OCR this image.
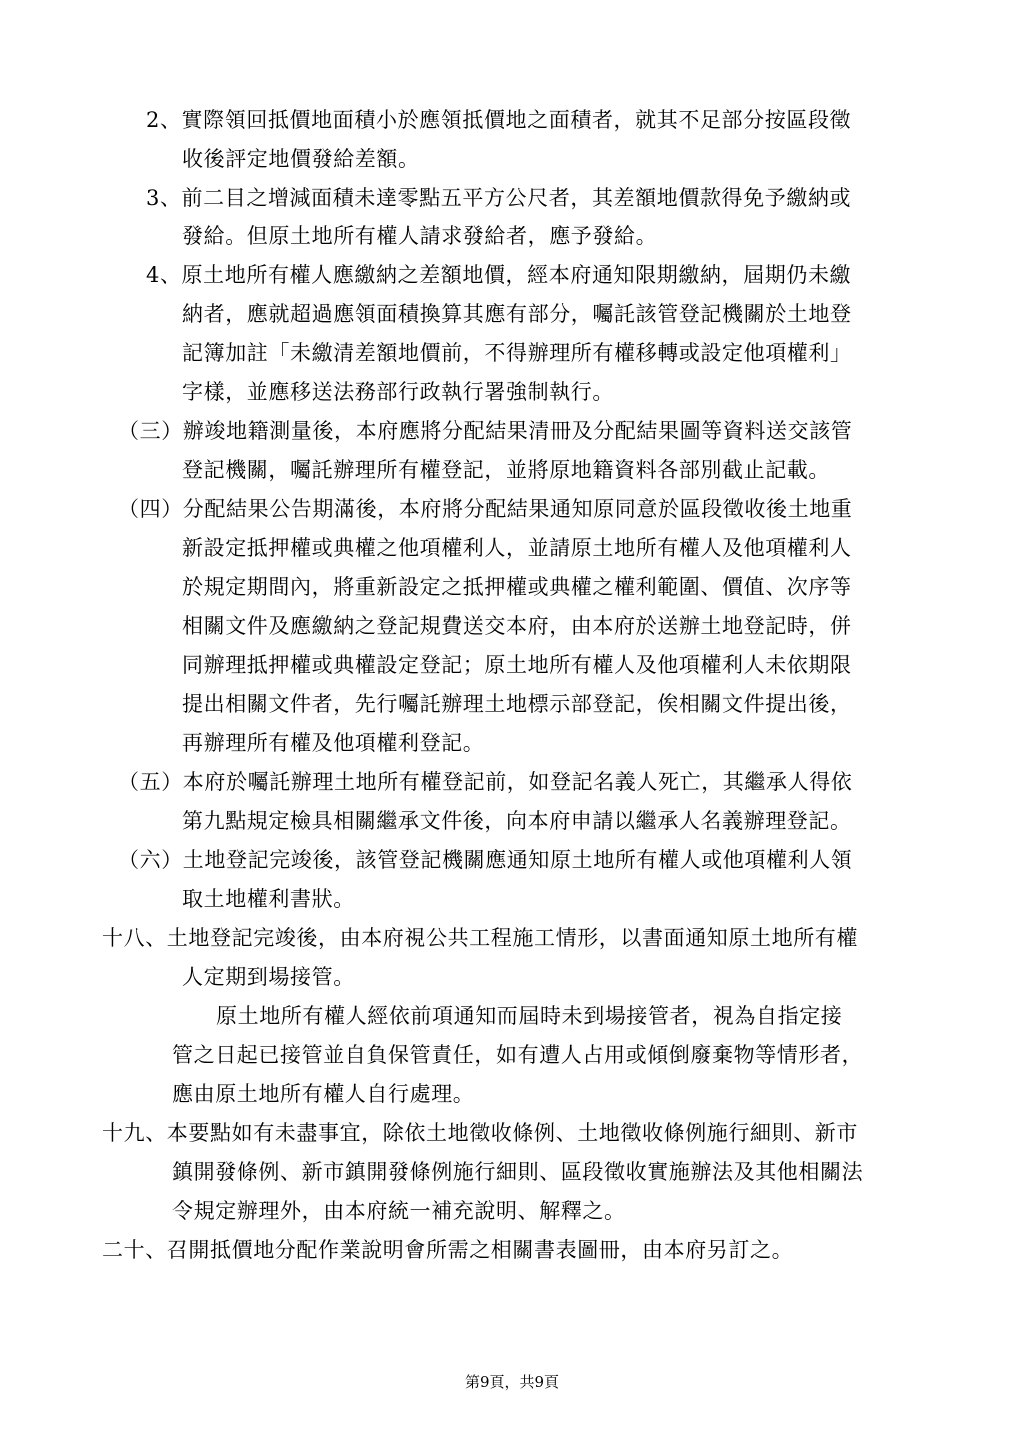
2、實際領回抵價地面積小於應領抵價地之面積者，就其不足部分按區段徵
收後評定地價發給差額。
3、前二目之增減面積未達零點五平方公尺者，其差額地價款得免予繳納或
發給。但原土地所有權人請求發給者，應予發給。
4、原土地所有權人應繳納之差額地價，經本府通知限期繳納，屆期仍未繳
納者，應就超過應領面積換算其應有部分，囑託該管登記機關於土地登
記簿加註「未繳清差額地價前，不得辦理所有權移轉或設定他項權利」
字樣，並應移送法務部行政執行署強制執行。
（三）辦竣地籍測量後，本府應將分配結果清冊及分配結果圖等資料送交該管
登記機關，囑託辦理所有權登記，並將原地籍資料各部別截止記載。
（四）分配結果公告期滿後，本府將分配結果通知原同意於區段徵收後土地重
新設定抵押權或典權之他項權利人，並請原土地所有權人及他項權利人
於規定期間內，將重新設定之抵押權或典權之權利範圍、價值、次序等
相關文件及應繳納之登記規費送交本府，由本府於送辦土地登記時，併
同辦理抵押權或典權設定登記；原土地所有權人及他項權利人未依期限
提出相關文件者，先行囑託辦理土地標示部登記，俟相關文件提出後，
再辦理所有權及他項權利登記。
（五）本府於囑託辦理土地所有權登記前，如登記名義人死亡，其繼承人得依
第九點規定檢具相關繼承文件後，向本府申請以繼承人名義辦理登記。
（六）土地登記完竣後，該管登記機關應通知原土地所有權人或他項權利人領
取土地權利書狀。
十八、土地登記完竣後，由本府視公共工程施工情形，以書面通知原土地所有權
人定期到場接管。
原土地所有權人經依前項通知而屆時未到場接管者，視為自指定接
管之日起已接管並自負保管責任，如有遭人占用或傾倒廢棄物等情形者，
應由原土地所有權人自行處理。
十九、本要點如有未盡事宜，除依土地徵收條例、土地徵收條例施行細則、新市
鎮開發條例、新市鎮開發條例施行細則、區段徵收實施辦法及其他相關法
令規定辦理外，由本府統一補充說明、解釋之。
二十、召開抵價地分配作業說明會所需之相關書表圖冊，由本府另訂之。
第9頁，共9頁
